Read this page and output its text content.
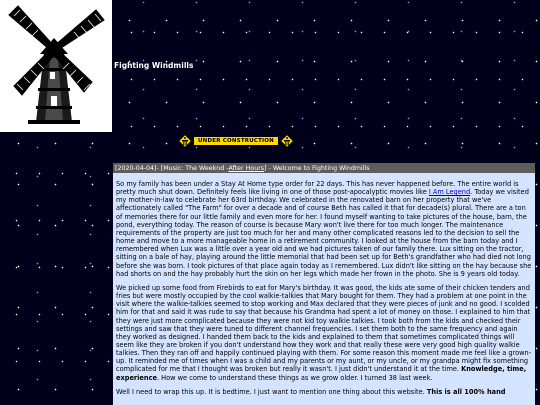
Fighting Windmills
UNDER CONSTRUCTION
[2020-04-04] - [Music: The Weeknd - After Hours ] - Welcome to Fighting Windmills

So my family has been under a Stay At Home type order for 22 days. This has never happened before. The entire world is pretty much shut down. Definitely feels like living in one of those post-apocalyptic movies like I Am Legend. Today we visited my mother-in-law to celebrate her 63rd birthday. We celebrated in the renovated barn on her property that we've affectionately called "The Farm" for over a decade and of course Beth has called it that for decade(s) plural. There are a ton of memories there for our little family and even more for her. I found myself wanting to take pictures of the house, barn, the pond, everything today. The reason of course is because Mary won't live there for too much longer. The maintenance requirements of the property are just too much for her and many other complicated reasons led to the decision to sell the home and move to a more manageable home in a retirement community. I looked at the house from the barn today and I remembered when Lux was a little over a year old and we had pictures taken of our family there. Lux sitting on the tractor, sitting on a bale of hay, playing around the little memorial that had been set up for Beth's grandfather who had died not long before she was born. I took pictures of that place again today as I remembered. Lux didn't like sitting on the hay because she had shorts on and the hay probably hurt the skin on her legs which made her frown in the photo. She is 9 years old today.

We picked up some food from Firebirds to eat for Mary's birthday. It was good, the kids ate some of their chicken tenders and fries but were mostly occupied by the cool walkie-talkies that Mary bought for them. They had a problem at one point in the visit where the walkie-talkies seemed to stop working and Max declared that they were pieces of junk and no good. I scolded him for that and said it was rude to say that because his Grandma had spent a lot of money on those. I explained to him that they were just more complicated because they were not kid toy walkie talkies. I took both from the kids and checked their settings and saw that they were tuned to different channel frequencies. I set them both to the same frequency and again they worked as designed. I handed them back to the kids and explained to them that sometimes complicated things will seem like they are broken if you don't understand how they work and that really these were very good high quality walkie talkies. Then they ran off and happily continued playing with them. For some reason this moment made me feel like a grown-up. It reminded me of times when I was a child and my parents or my aunt, or my uncle, or my grandpa might fix something complicated for me that I thought was broken but really it wasn't. I just didn't understand it at the time. Knowledge, time, experience. How we come to understand these things as we grow older. I turned 38 last week.

Well I need to wrap this up. It is bedtime. I just want to mention one thing about this website. This is all 100% hand
